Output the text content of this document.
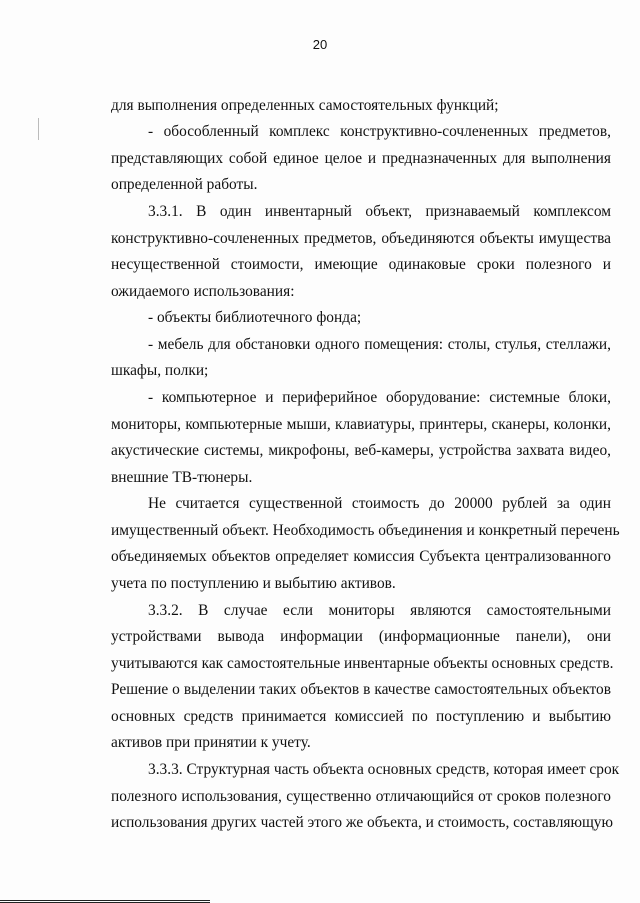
20
для выполнения определенных самостоятельных функций;
- обособленный комплекс конструктивно-сочлененных предметов,
представляющих собой единое целое и предназначенных для выполнения
определенной работы.
3.3.1. В один инвентарный объект, признаваемый комплексом
конструктивно-сочлененных предметов, объединяются объекты имущества
несущественной стоимости, имеющие одинаковые сроки полезного и
ожидаемого использования:
- объекты библиотечного фонда;
- мебель для обстановки одного помещения: столы, стулья, стеллажи,
шкафы, полки;
- компьютерное и периферийное оборудование: системные блоки,
мониторы, компьютерные мыши, клавиатуры, принтеры, сканеры, колонки,
акустические системы, микрофоны, веб-камеры, устройства захвата видео,
внешние ТВ-тюнеры.
Не считается существенной стоимость до 20000 рублей за один
имущественный объект. Необходимость объединения и конкретный перечень
объединяемых объектов определяет комиссия Субъекта централизованного
учета по поступлению и выбытию активов.
3.3.2. В случае если мониторы являются самостоятельными
устройствами вывода информации (информационные панели), они
учитываются как самостоятельные инвентарные объекты основных средств.
Решение о выделении таких объектов в качестве самостоятельных объектов
основных средств принимается комиссией по поступлению и выбытию
активов при принятии к учету.
3.3.3. Структурная часть объекта основных средств, которая имеет срок
полезного использования, существенно отличающийся от сроков полезного
использования других частей этого же объекта, и стоимость, составляющую
